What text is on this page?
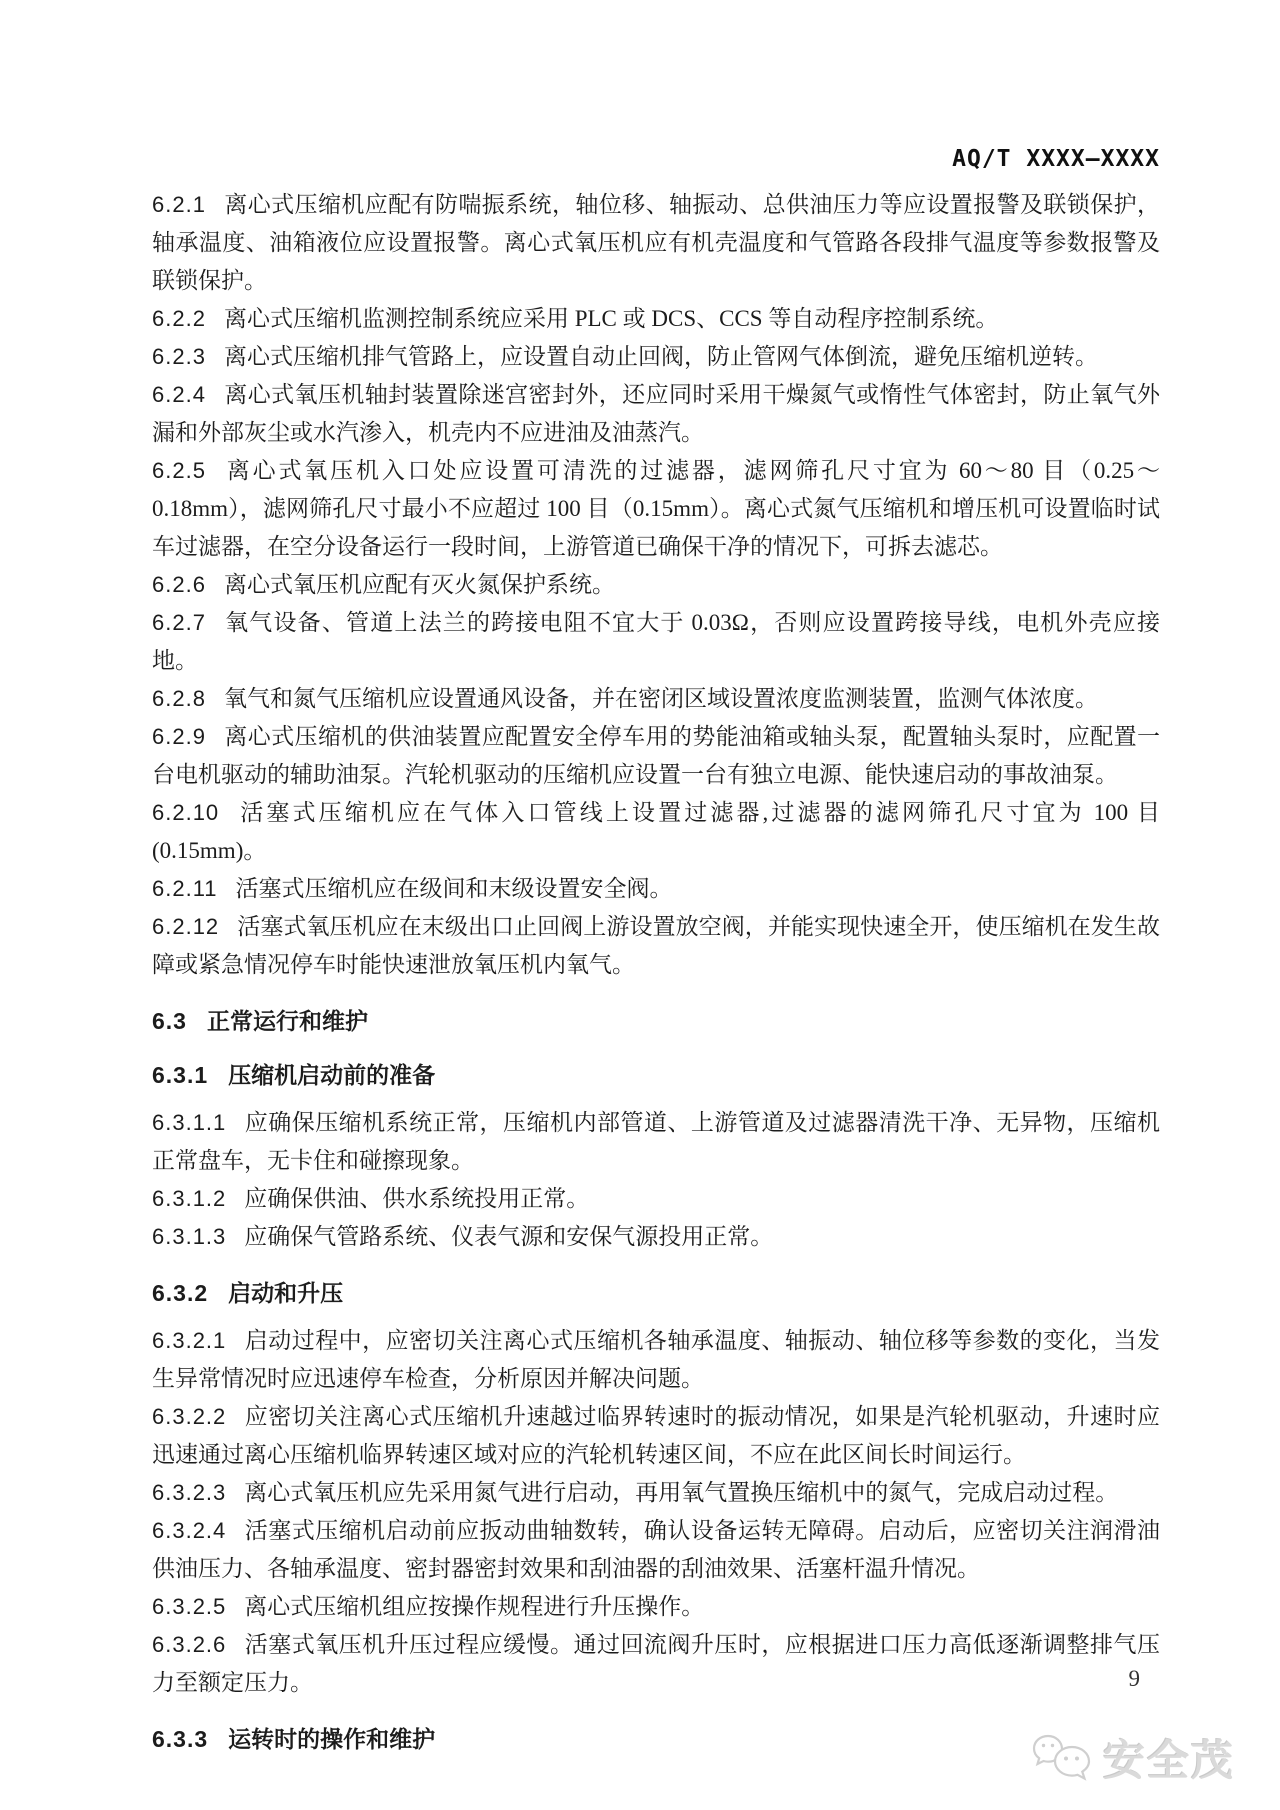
AQ/T XXXX—XXXX

6.2.1 离心式压缩机应配有防喘振系统，轴位移、轴振动、总供油压力等应设置报警及联锁保护，轴承温度、油箱液位应设置报警。离心式氧压机应有机壳温度和气管路各段排气温度等参数报警及联锁保护。

6.2.2 离心式压缩机监测控制系统应采用 PLC 或 DCS、CCS 等自动程序控制系统。

6.2.3 离心式压缩机排气管路上，应设置自动止回阀，防止管网气体倒流，避免压缩机逆转。

6.2.4 离心式氧压机轴封装置除迷宫密封外，还应同时采用干燥氮气或惰性气体密封，防止氧气外漏和外部灰尘或水汽渗入，机壳内不应进油及油蒸汽。

6.2.5 离心式氧压机入口处应设置可清洗的过滤器，滤网筛孔尺寸宜为 60～80 目（0.25～0.18mm），滤网筛孔尺寸最小不应超过 100 目（0.15mm）。离心式氮气压缩机和增压机可设置临时试车过滤器，在空分设备运行一段时间，上游管道已确保干净的情况下，可拆去滤芯。

6.2.6 离心式氧压机应配有灭火氮保护系统。

6.2.7 氧气设备、管道上法兰的跨接电阻不宜大于 0.03Ω，否则应设置跨接导线，电机外壳应接地。

6.2.8 氧气和氮气压缩机应设置通风设备，并在密闭区域设置浓度监测装置，监测气体浓度。

6.2.9 离心式压缩机的供油装置应配置安全停车用的势能油箱或轴头泵，配置轴头泵时，应配置一台电机驱动的辅助油泵。汽轮机驱动的压缩机应设置一台有独立电源、能快速启动的事故油泵。

6.2.10 活塞式压缩机应在气体入口管线上设置过滤器,过滤器的滤网筛孔尺寸宜为 100 目(0.15mm)。

6.2.11 活塞式压缩机应在级间和末级设置安全阀。

6.2.12 活塞式氧压机应在末级出口止回阀上游设置放空阀，并能实现快速全开，使压缩机在发生故障或紧急情况停车时能快速泄放氧压机内氧气。

6.3 正常运行和维护

6.3.1 压缩机启动前的准备

6.3.1.1 应确保压缩机系统正常，压缩机内部管道、上游管道及过滤器清洗干净、无异物，压缩机正常盘车，无卡住和碰擦现象。

6.3.1.2 应确保供油、供水系统投用正常。

6.3.1.3 应确保气管路系统、仪表气源和安保气源投用正常。

6.3.2 启动和升压

6.3.2.1 启动过程中，应密切关注离心式压缩机各轴承温度、轴振动、轴位移等参数的变化，当发生异常情况时应迅速停车检查，分析原因并解决问题。

6.3.2.2 应密切关注离心式压缩机升速越过临界转速时的振动情况，如果是汽轮机驱动，升速时应迅速通过离心压缩机临界转速区域对应的汽轮机转速区间，不应在此区间长时间运行。

6.3.2.3 离心式氧压机应先采用氮气进行启动，再用氧气置换压缩机中的氮气，完成启动过程。

6.3.2.4 活塞式压缩机启动前应扳动曲轴数转，确认设备运转无障碍。启动后，应密切关注润滑油供油压力、各轴承温度、密封器密封效果和刮油器的刮油效果、活塞杆温升情况。

6.3.2.5 离心式压缩机组应按操作规程进行升压操作。

6.3.2.6 活塞式氧压机升压过程应缓慢。通过回流阀升压时，应根据进口压力高低逐渐调整排气压力至额定压力。

6.3.3 运转时的操作和维护

9
安全茂
